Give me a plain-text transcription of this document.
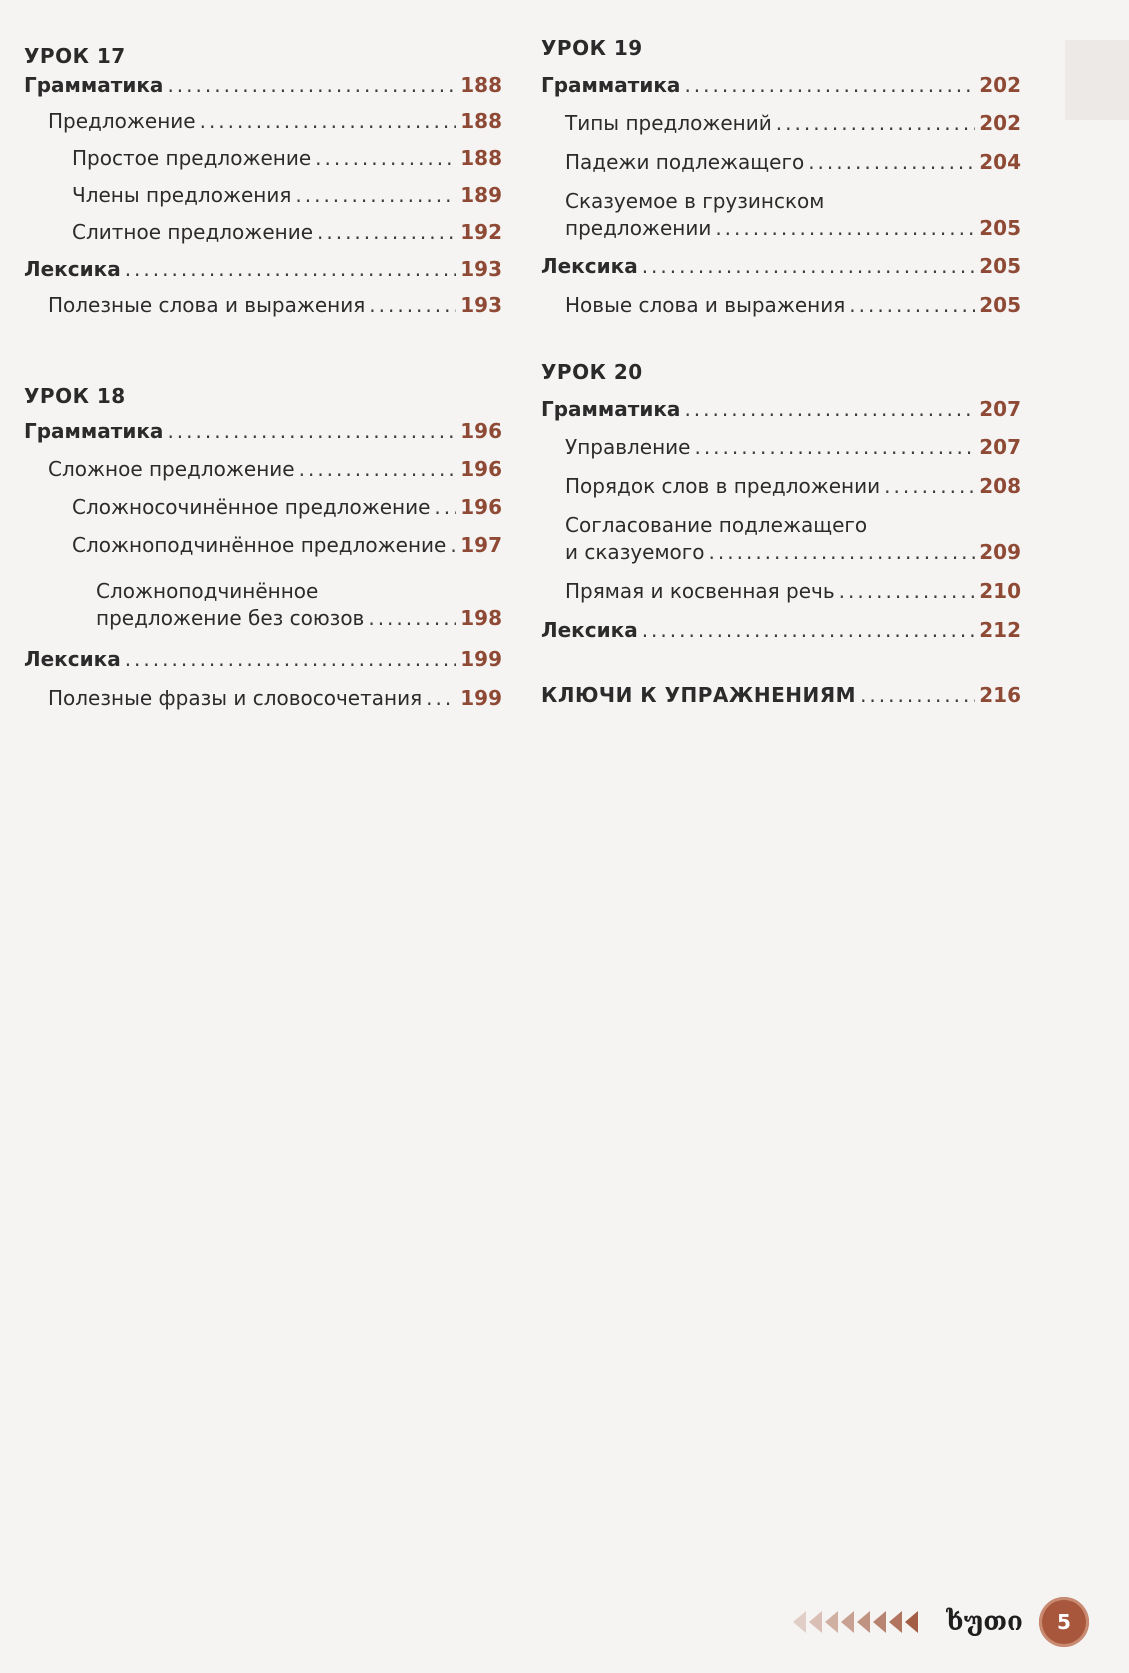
УРОК 17
Грамматика .....	188
Предложение .....	188
Простое предложение .....	188
Члены предложения .....	189
Слитное предложение .....	192
Лексика .....	193
Полезные слова и выражения .....	193
УРОК 18
Грамматика .....	196
Сложное предложение .....	196
Сложносочинённое предложение ..... 196
Сложноподчинённое предложение ..... 197
Сложноподчинённое
предложение без союзов .....	198
Лексика .....	199
Полезные фразы и словосочетания ..... 199
УРОК 19
Грамматика .....	202
Типы предложений .....	202
Падежи подлежащего .....	204
Сказуемое в грузинском
предложении .....	205
Лексика .....	205
Новые слова и выражения .....	205
УРОК 20
Грамматика .....	207
Управление .....	207
Порядок слов в предложении .....	208
Согласование подлежащего
и сказуемого .....	209
Прямая и косвенная речь .....	210
Лексика .....	212
КЛЮЧИ К УПРАЖНЕНИЯМ .....	216
ხუთი	5
